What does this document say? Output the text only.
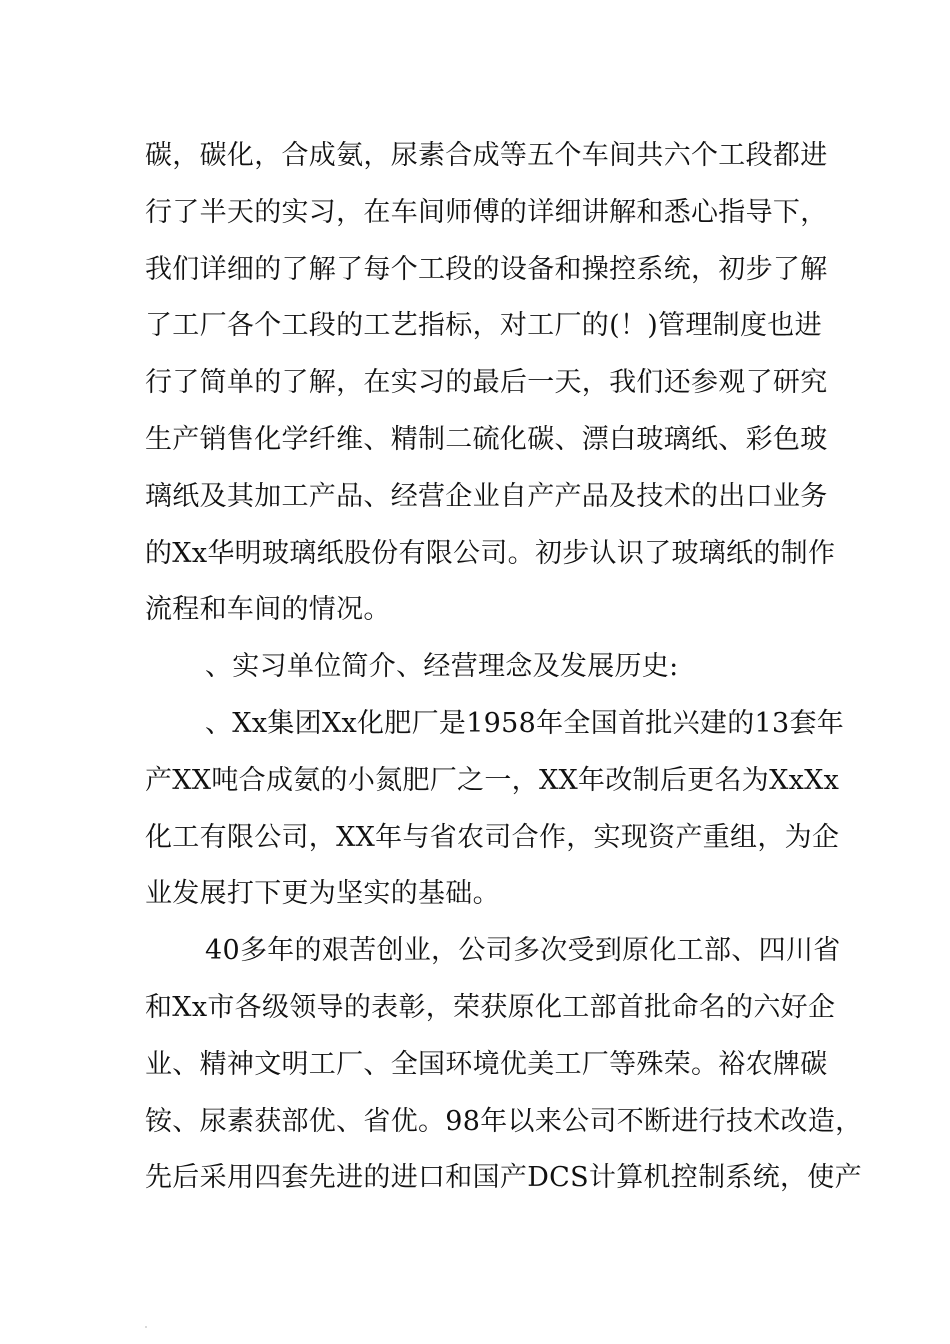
碳，碳化，合成氨，尿素合成等五个车间共六个工段都进
行了半天的实习，在车间师傅的详细讲解和悉心指导下，
我们详细的了解了每个工段的设备和操控系统，初步了解
了工厂各个工段的工艺指标，对工厂的(！)管理制度也进
行了简单的了解，在实习的最后一天，我们还参观了研究
生产销售化学纤维、精制二硫化碳、漂白玻璃纸、彩色玻
璃纸及其加工产品、经营企业自产产品及技术的出口业务
的Xx华明玻璃纸股份有限公司。初步认识了玻璃纸的制作
流程和车间的情况。
、实习单位简介、经营理念及发展历史:
、Xx集团Xx化肥厂是1958年全国首批兴建的13套年
产XX吨合成氨的小氮肥厂之一，XX年改制后更名为XxXx
化工有限公司，XX年与省农司合作，实现资产重组，为企
业发展打下更为坚实的基础。
40多年的艰苦创业，公司多次受到原化工部、四川省
和Xx市各级领导的表彰，荣获原化工部首批命名的六好企
业、精神文明工厂、全国环境优美工厂等殊荣。裕农牌碳
铵、尿素获部优、省优。98年以来公司不断进行技术改造，
先后采用四套先进的进口和国产DCS计算机控制系统，使产
